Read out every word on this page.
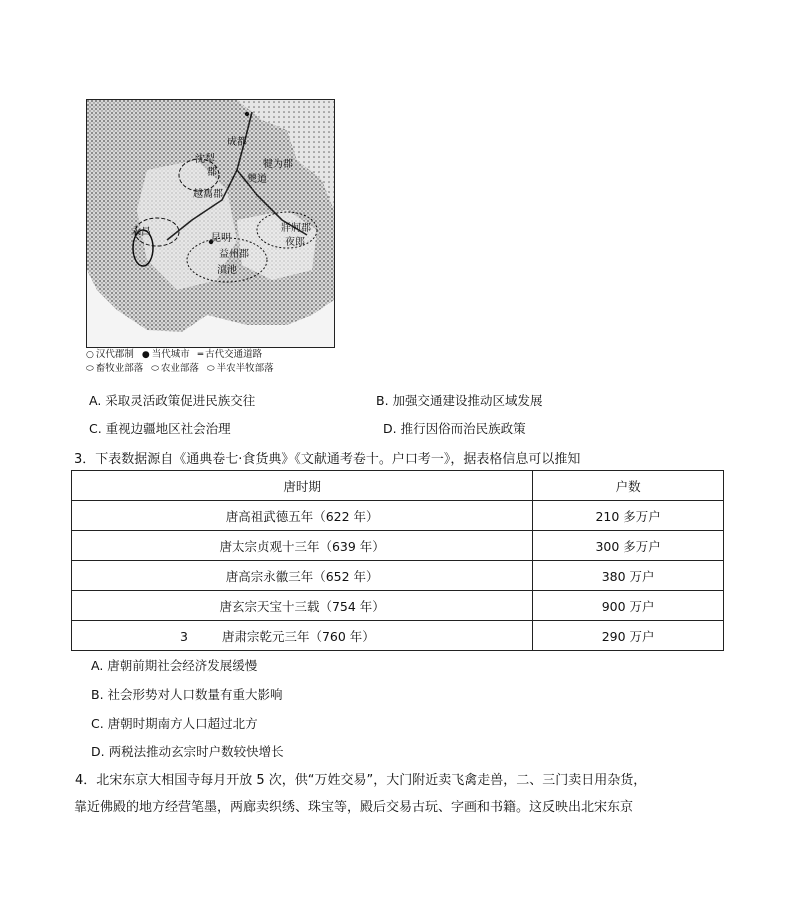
成都
犍为郡
僰道
沈犁
郡
越巂郡
牂牁郡
夜郎
昆明
益州郡
滇池
永昌
○ 汉代郡制 ● 当代城市 ═ 古代交通道路
⬭ 畜牧业部落 ⬭ 农业部落 ⬭ 半农半牧部落
A. 采取灵活政策促进民族交往	B. 加强交通建设推动区域发展
C. 重视边疆地区社会治理	D. 推行因俗而治民族政策
3．下表数据源自《通典卷七·食货典》《文献通考卷十。户口考一》，据表格信息可以推知
唐时期	户数
唐高祖武德五年（622 年）	210 多万户
唐太宗贞观十三年（639 年）	300 多万户
唐高宗永徽三年（652 年）	380 万户
唐玄宗天宝十三载（754 年）	900 万户
3 唐肃宗乾元三年（760 年）	290 万户
A. 唐朝前期社会经济发展缓慢
B. 社会形势对人口数量有重大影响
C. 唐朝时期南方人口超过北方
D. 两税法推动玄宗时户数较快增长
4．北宋东京大相国寺每月开放 5 次，供“万姓交易”，大门附近卖飞禽走兽，二、三门卖日用杂货，
靠近佛殿的地方经营笔墨，两廊卖织绣、珠宝等，殿后交易古玩、字画和书籍。这反映出北宋东京
